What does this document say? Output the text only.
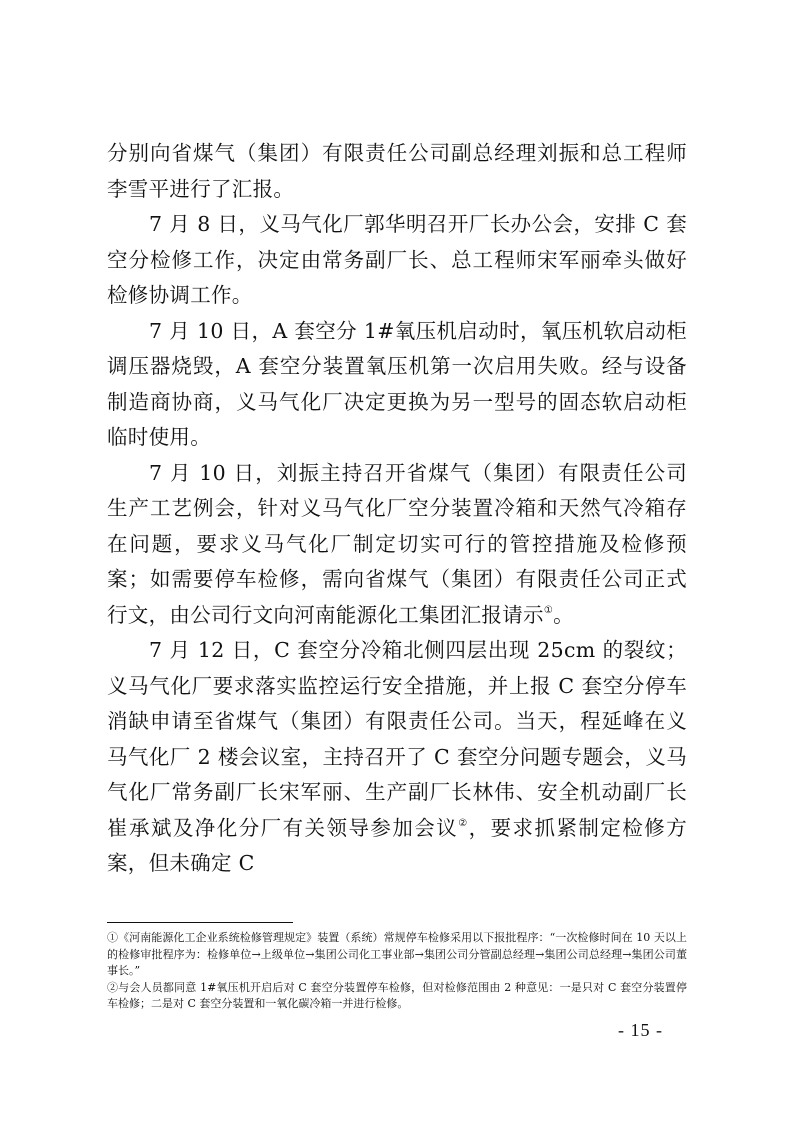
分别向省煤气（集团）有限责任公司副总经理刘振和总工程师李雪平进行了汇报。

7 月 8 日，义马气化厂郭华明召开厂长办公会，安排 C 套空分检修工作，决定由常务副厂长、总工程师宋军丽牵头做好检修协调工作。

7 月 10 日，A 套空分 1#氧压机启动时，氧压机软启动柜调压器烧毁，A 套空分装置氧压机第一次启用失败。经与设备制造商协商，义马气化厂决定更换为另一型号的固态软启动柜临时使用。

7 月 10 日，刘振主持召开省煤气（集团）有限责任公司生产工艺例会，针对义马气化厂空分装置冷箱和天然气冷箱存在问题，要求义马气化厂制定切实可行的管控措施及检修预案；如需要停车检修，需向省煤气（集团）有限责任公司正式行文，由公司行文向河南能源化工集团汇报请示①。

7 月 12 日，C 套空分冷箱北侧四层出现 25cm 的裂纹；义马气化厂要求落实监控运行安全措施，并上报 C 套空分停车消缺申请至省煤气（集团）有限责任公司。当天，程延峰在义马气化厂 2 楼会议室，主持召开了 C 套空分问题专题会，义马气化厂常务副厂长宋军丽、生产副厂长林伟、安全机动副厂长崔承斌及净化分厂有关领导参加会议②，要求抓紧制定检修方案，但未确定 C

①《河南能源化工企业系统检修管理规定》装置（系统）常规停车检修采用以下报批程序：“一次检修时间在 10 天以上的检修审批程序为：检修单位→上级单位→集团公司化工事业部→集团公司分管副总经理→集团公司总经理→集团公司董事长。”

②与会人员都同意 1#氧压机开启后对 C 套空分装置停车检修，但对检修范围由 2 种意见：一是只对 C 套空分装置停车检修；二是对 C 套空分装置和一氧化碳冷箱一并进行检修。

- 15 -
